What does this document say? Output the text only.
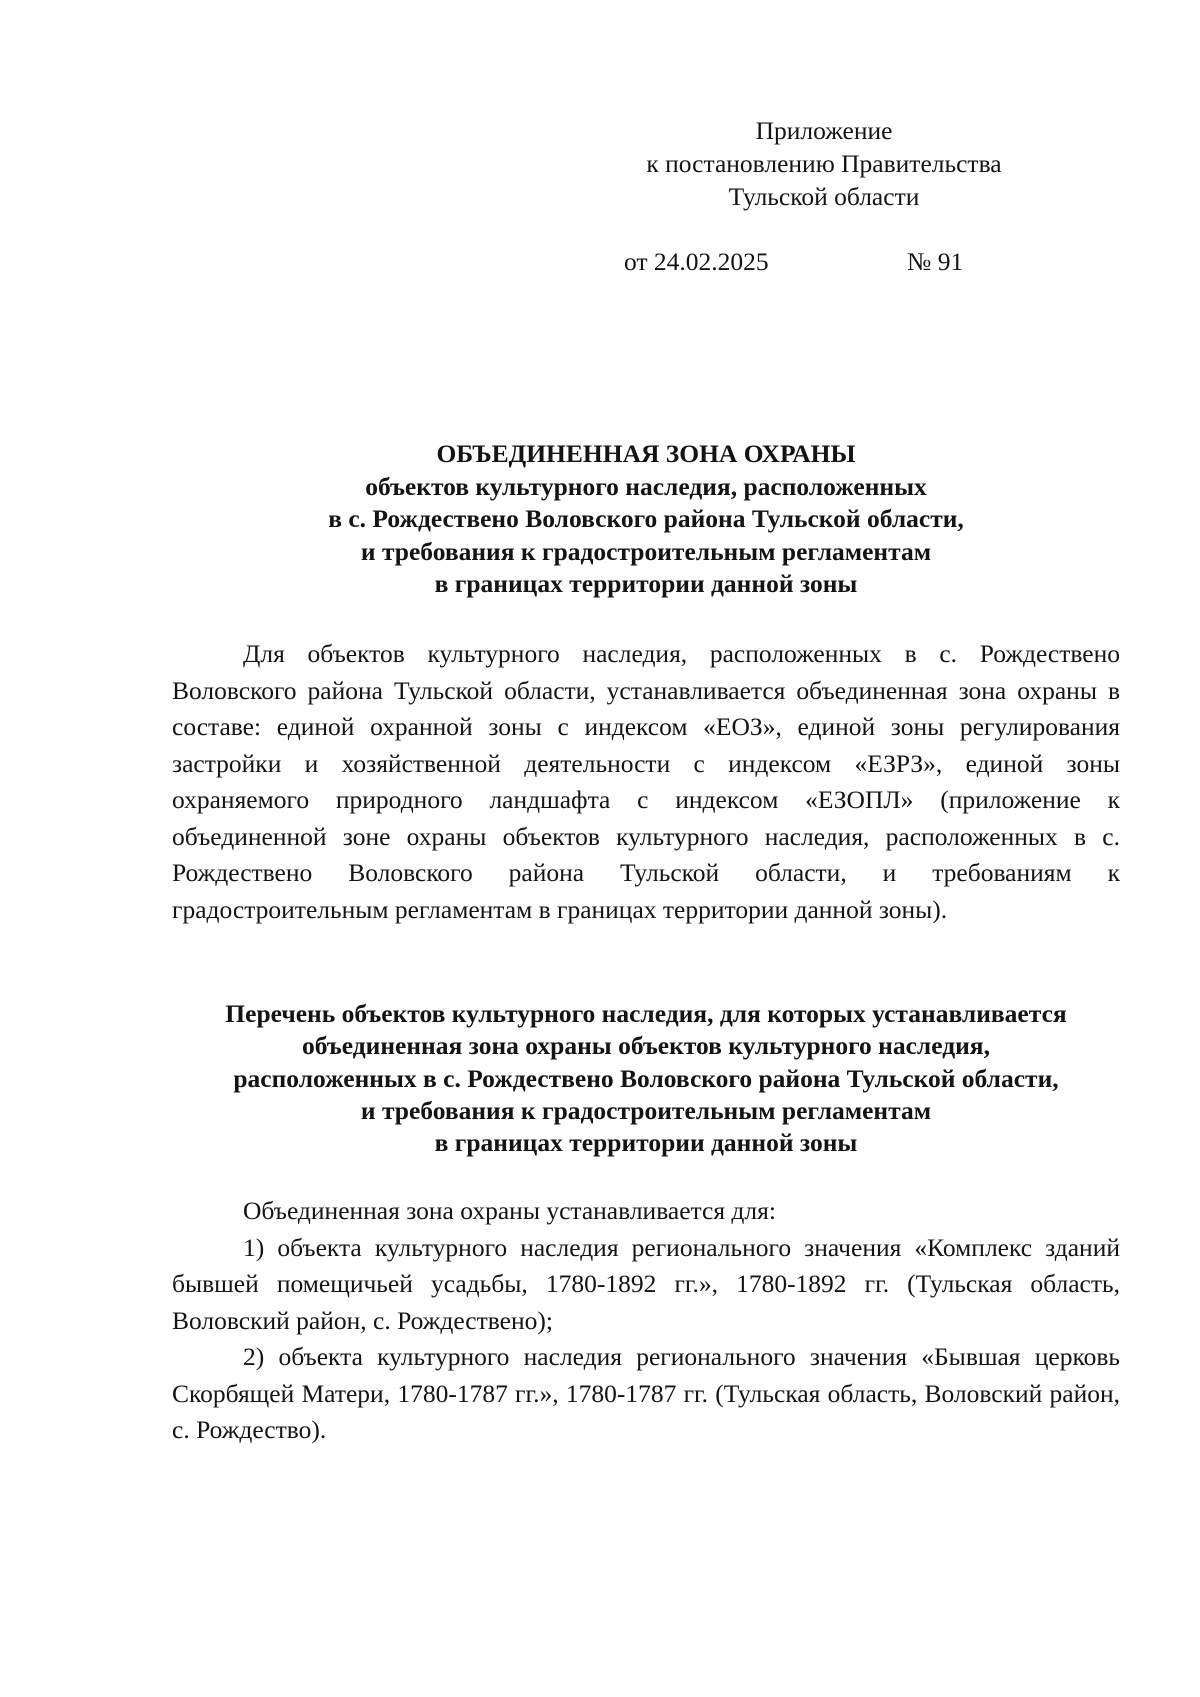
Приложение
к постановлению Правительства
Тульской области
от 24.02.2025	№ 91
ОБЪЕДИНЕННАЯ ЗОНА ОХРАНЫ
объектов культурного наследия, расположенных
в с. Рождествено Воловского района Тульской области,
и требования к градостроительным регламентам
в границах территории данной зоны

Для объектов культурного наследия, расположенных в с. Рождествено Воловского района Тульской области, устанавливается объединенная зона охраны в составе: единой охранной зоны с индексом «ЕОЗ», единой зоны регулирования застройки и хозяйственной деятельности с индексом «ЕЗРЗ», единой зоны охраняемого природного ландшафта с индексом «ЕЗОПЛ» (приложение к объединенной зоне охраны объектов культурного наследия, расположенных в с. Рождествено Воловского района Тульской области, и требованиям к градостроительным регламентам в границах территории данной зоны).

Перечень объектов культурного наследия, для которых устанавливается
объединенная зона охраны объектов культурного наследия,
расположенных в с. Рождествено Воловского района Тульской области,
и требования к градостроительным регламентам
в границах территории данной зоны

Объединенная зона охраны устанавливается для:

1) объекта культурного наследия регионального значения «Комплекс зданий бывшей помещичьей усадьбы, 1780-1892 гг.», 1780-1892 гг. (Тульская область, Воловский район, с. Рождествено);

2) объекта культурного наследия регионального значения «Бывшая церковь Скорбящей Матери, 1780-1787 гг.», 1780-1787 гг. (Тульская область, Воловский район, с. Рождество).
